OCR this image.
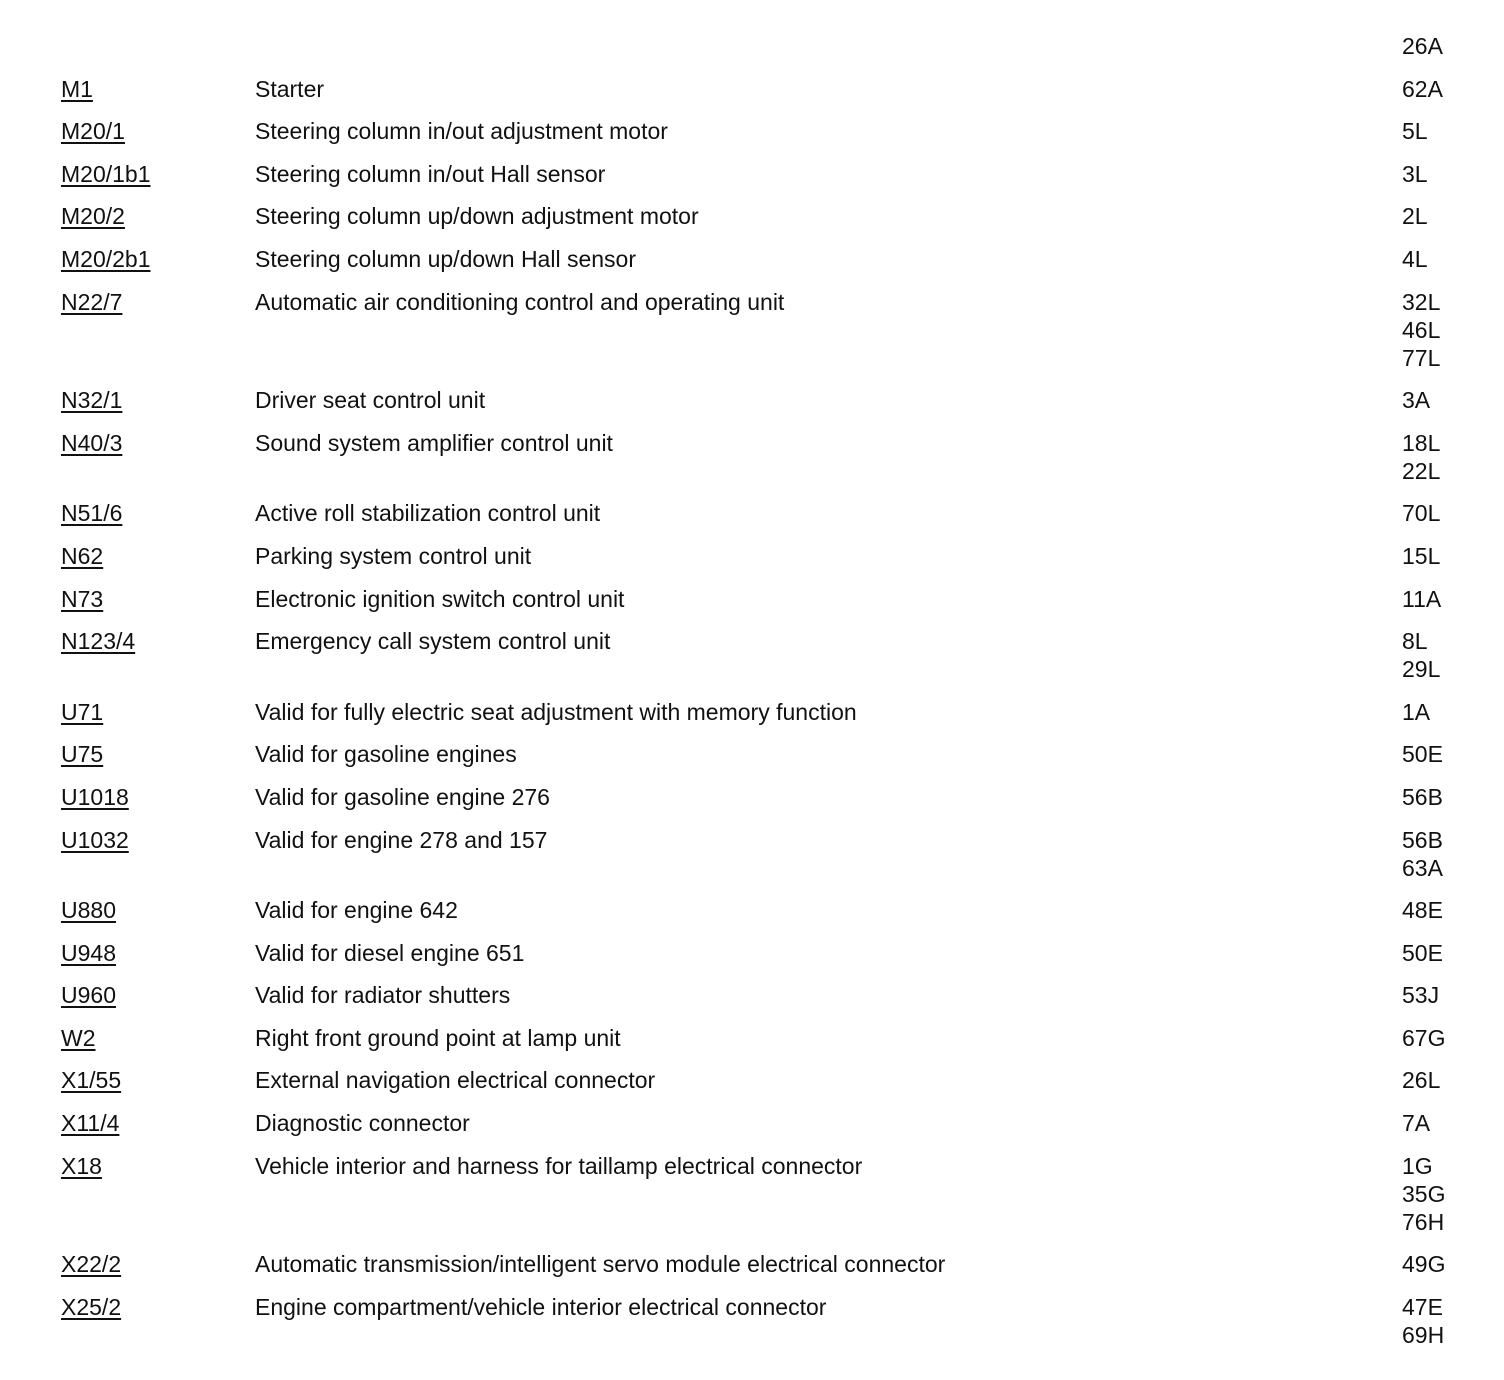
26A
M1	Starter	62A
M20/1	Steering column in/out adjustment motor	5L
M20/1b1	Steering column in/out Hall sensor	3L
M20/2	Steering column up/down adjustment motor	2L
M20/2b1	Steering column up/down Hall sensor	4L
N22/7	Automatic air conditioning control and operating unit	32L
46L
77L
N32/1	Driver seat control unit	3A
N40/3	Sound system amplifier control unit	18L
22L
N51/6	Active roll stabilization control unit	70L
N62	Parking system control unit	15L
N73	Electronic ignition switch control unit	11A
N123/4	Emergency call system control unit	8L
29L
U71	Valid for fully electric seat adjustment with memory function	1A
U75	Valid for gasoline engines	50E
U1018	Valid for gasoline engine 276	56B
U1032	Valid for engine 278 and 157	56B
63A
U880	Valid for engine 642	48E
U948	Valid for diesel engine 651	50E
U960	Valid for radiator shutters	53J
W2	Right front ground point at lamp unit	67G
X1/55	External navigation electrical connector	26L
X11/4	Diagnostic connector	7A
X18	Vehicle interior and harness for taillamp electrical connector	1G
35G
76H
X22/2	Automatic transmission/intelligent servo module electrical connector	49G
X25/2	Engine compartment/vehicle interior electrical connector	47E
69H
